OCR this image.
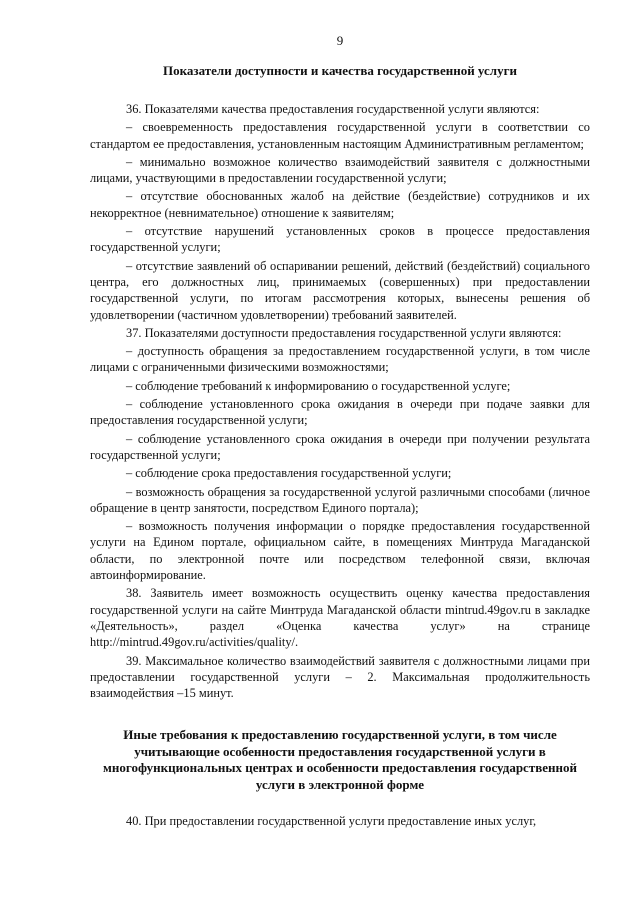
9
Показатели доступности и качества государственной услуги

36. Показателями качества предоставления государственной услуги являются:

– своевременность предоставления государственной услуги в соответствии со стандартом ее предоставления, установленным настоящим Административным регламентом;

– минимально возможное количество взаимодействий заявителя с должностными лицами, участвующими в предоставлении государственной услуги;

– отсутствие обоснованных жалоб на действие (бездействие) сотрудников и их некорректное (невнимательное) отношение к заявителям;

– отсутствие нарушений установленных сроков в процессе предоставления государственной услуги;

– отсутствие заявлений об оспаривании решений, действий (бездействий) социального центра, его должностных лиц, принимаемых (совершенных) при предоставлении государственной услуги, по итогам рассмотрения которых, вынесены решения об удовлетворении (частичном удовлетворении) требований заявителей.

37. Показателями доступности предоставления государственной услуги являются:

– доступность обращения за предоставлением государственной услуги, в том числе лицами с ограниченными физическими возможностями;

– соблюдение требований к информированию о государственной услуге;

– соблюдение установленного срока ожидания в очереди при подаче заявки для предоставления государственной услуги;

– соблюдение установленного срока ожидания в очереди при получении результата государственной услуги;

– соблюдение срока предоставления государственной услуги;

– возможность обращения за государственной услугой различными способами (личное обращение в центр занятости, посредством Единого портала);

– возможность получения информации о порядке предоставления государственной услуги на Едином портале, официальном сайте, в помещениях Минтруда Магаданской области, по электронной почте или посредством телефонной связи, включая автоинформирование.

38. Заявитель имеет возможность осуществить оценку качества предоставления государственной услуги на сайте Минтруда Магаданской области mintrud.49gov.ru в закладке «Деятельность», раздел «Оценка качества услуг» на странице http://mintrud.49gov.ru/activities/quality/.

39. Максимальное количество взаимодействий заявителя с должностными лицами при предоставлении государственной услуги – 2. Максимальная продолжительность взаимодействия –15 минут.

Иные требования к предоставлению государственной услуги, в том числе
учитывающие особенности предоставления государственной услуги в
многофункциональных центрах и особенности предоставления государственной
услуги в электронной форме

40. При предоставлении государственной услуги предоставление иных услуг,
